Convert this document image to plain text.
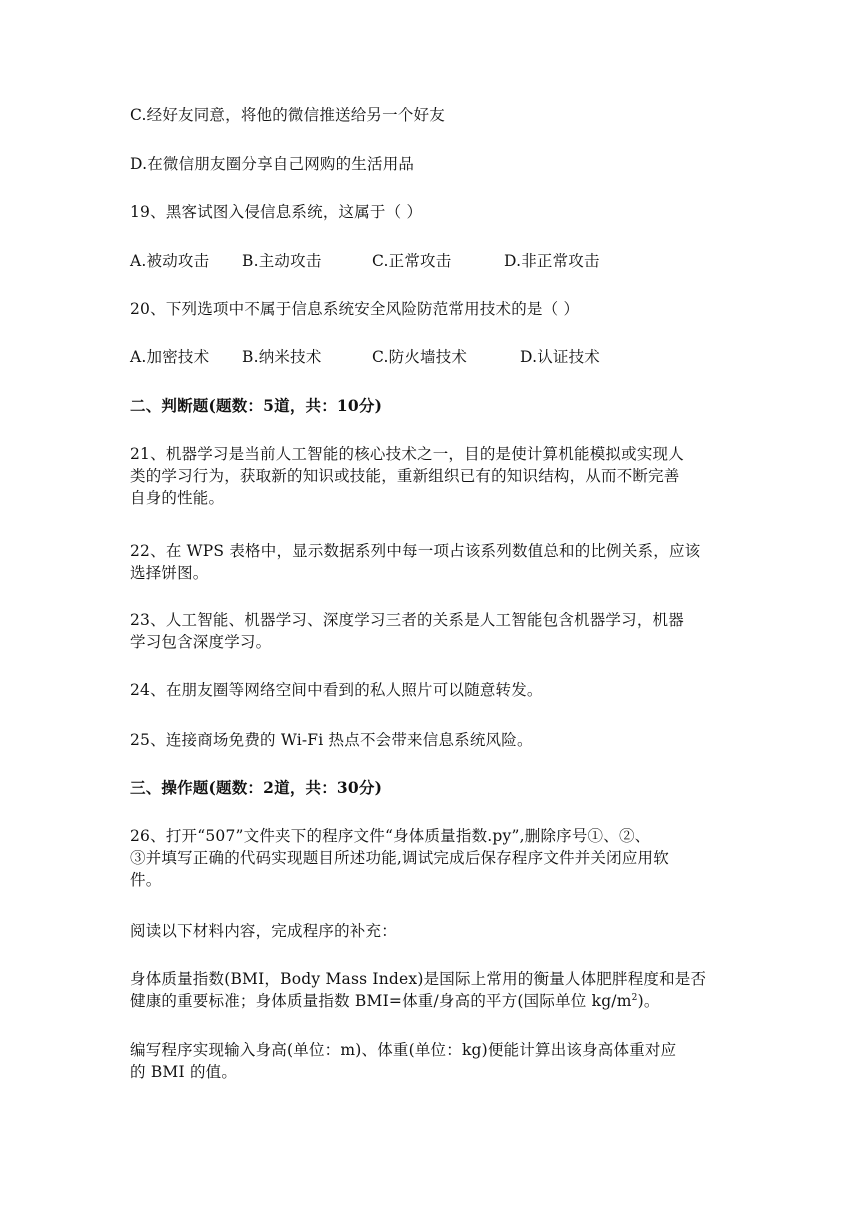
C.经好友同意，将他的微信推送给另一个好友
D.在微信朋友圈分享自己网购的生活用品
19、黑客试图入侵信息系统，这属于（ ）
A.被动攻击 B.主动攻击	C.正常攻击	D.非正常攻击
20、下列选项中不属于信息系统安全风险防范常用技术的是（ ）
A.加密技术 B.纳米技术	C.防火墙技术	D.认证技术
二、判断题(题数：5道，共：10分)
21、机器学习是当前人工智能的核心技术之一，目的是使计算机能模拟或实现人
类的学习行为，获取新的知识或技能，重新组织已有的知识结构，从而不断完善
自身的性能。
22、在 WPS 表格中，显示数据系列中每一项占该系列数值总和的比例关系，应该
选择饼图。
23、人工智能、机器学习、深度学习三者的关系是人工智能包含机器学习，机器
学习包含深度学习。
24、在朋友圈等网络空间中看到的私人照片可以随意转发。
25、连接商场免费的 Wi-Fi 热点不会带来信息系统风险。
三、操作题(题数：2道，共：30分)
26、打开“507”文件夹下的程序文件“身体质量指数.py”,删除序号①、②、
③并填写正确的代码实现题目所述功能,调试完成后保存程序文件并关闭应用软
件。
阅读以下材料内容，完成程序的补充：
身体质量指数(BMI，Body Mass Index)是国际上常用的衡量人体肥胖程度和是否
健康的重要标准；身体质量指数 BMI=体重/身高的平方(国际单位 $kg/m^2$)。
编写程序实现输入身高(单位：m)、体重(单位：kg)便能计算出该身高体重对应
的 BMI 的值。
